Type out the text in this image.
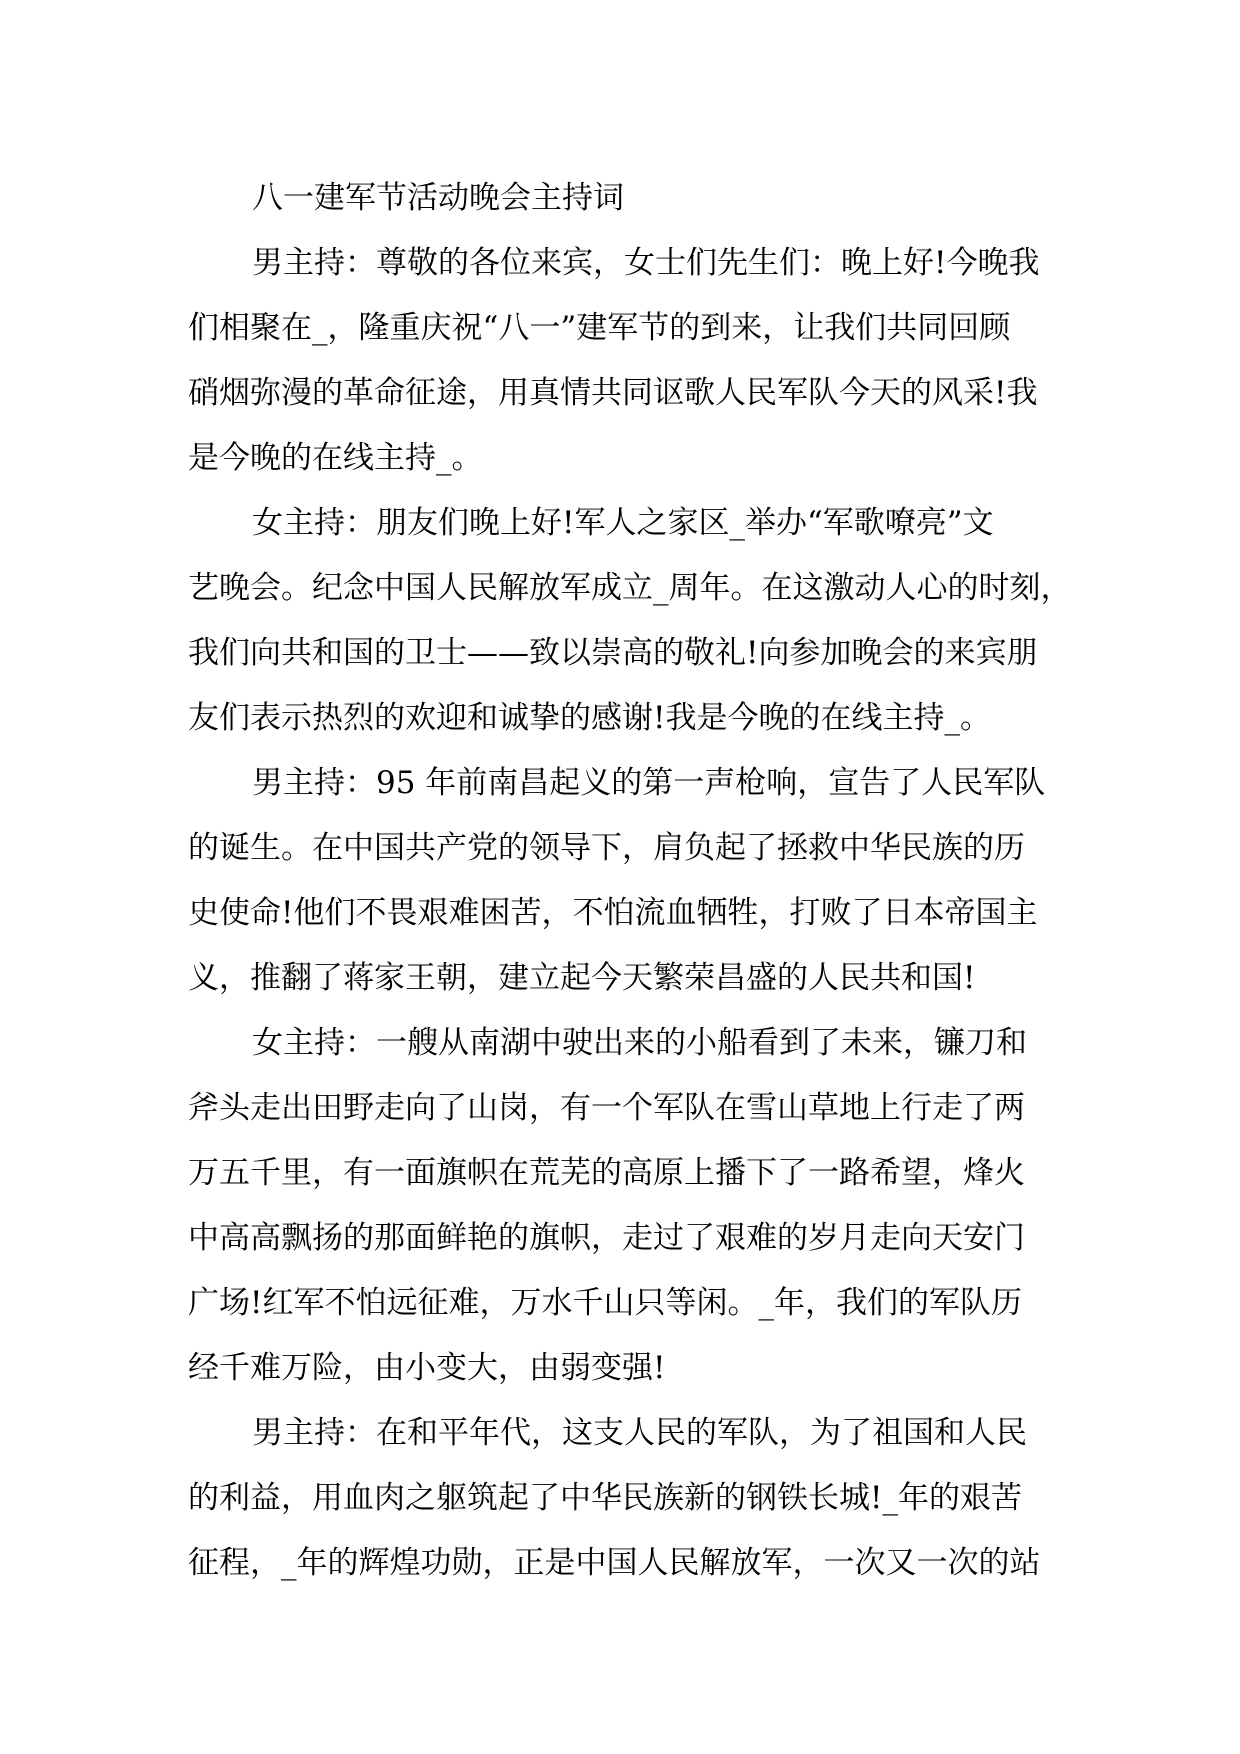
八一建军节活动晚会主持词
男主持：尊敬的各位来宾，女士们先生们：晚上好!今晚我
们相聚在_，隆重庆祝“八一”建军节的到来，让我们共同回顾
硝烟弥漫的革命征途，用真情共同讴歌人民军队今天的风采!我
是今晚的在线主持_。
女主持：朋友们晚上好!军人之家区_举办“军歌嘹亮”文
艺晚会。纪念中国人民解放军成立_周年。在这激动人心的时刻，
我们向共和国的卫士——致以崇高的敬礼!向参加晚会的来宾朋
友们表示热烈的欢迎和诚挚的感谢!我是今晚的在线主持_。
男主持：95 年前南昌起义的第一声枪响，宣告了人民军队
的诞生。在中国共产党的领导下，肩负起了拯救中华民族的历
史使命!他们不畏艰难困苦，不怕流血牺牲，打败了日本帝国主
义，推翻了蒋家王朝，建立起今天繁荣昌盛的人民共和国!
女主持：一艘从南湖中驶出来的小船看到了未来，镰刀和
斧头走出田野走向了山岗，有一个军队在雪山草地上行走了两
万五千里，有一面旗帜在荒芜的高原上播下了一路希望，烽火
中高高飘扬的那面鲜艳的旗帜，走过了艰难的岁月走向天安门
广场!红军不怕远征难，万水千山只等闲。_年，我们的军队历
经千难万险，由小变大，由弱变强!
男主持：在和平年代，这支人民的军队，为了祖国和人民
的利益，用血肉之躯筑起了中华民族新的钢铁长城!_年的艰苦
征程，_年的辉煌功勋，正是中国人民解放军，一次又一次的站
